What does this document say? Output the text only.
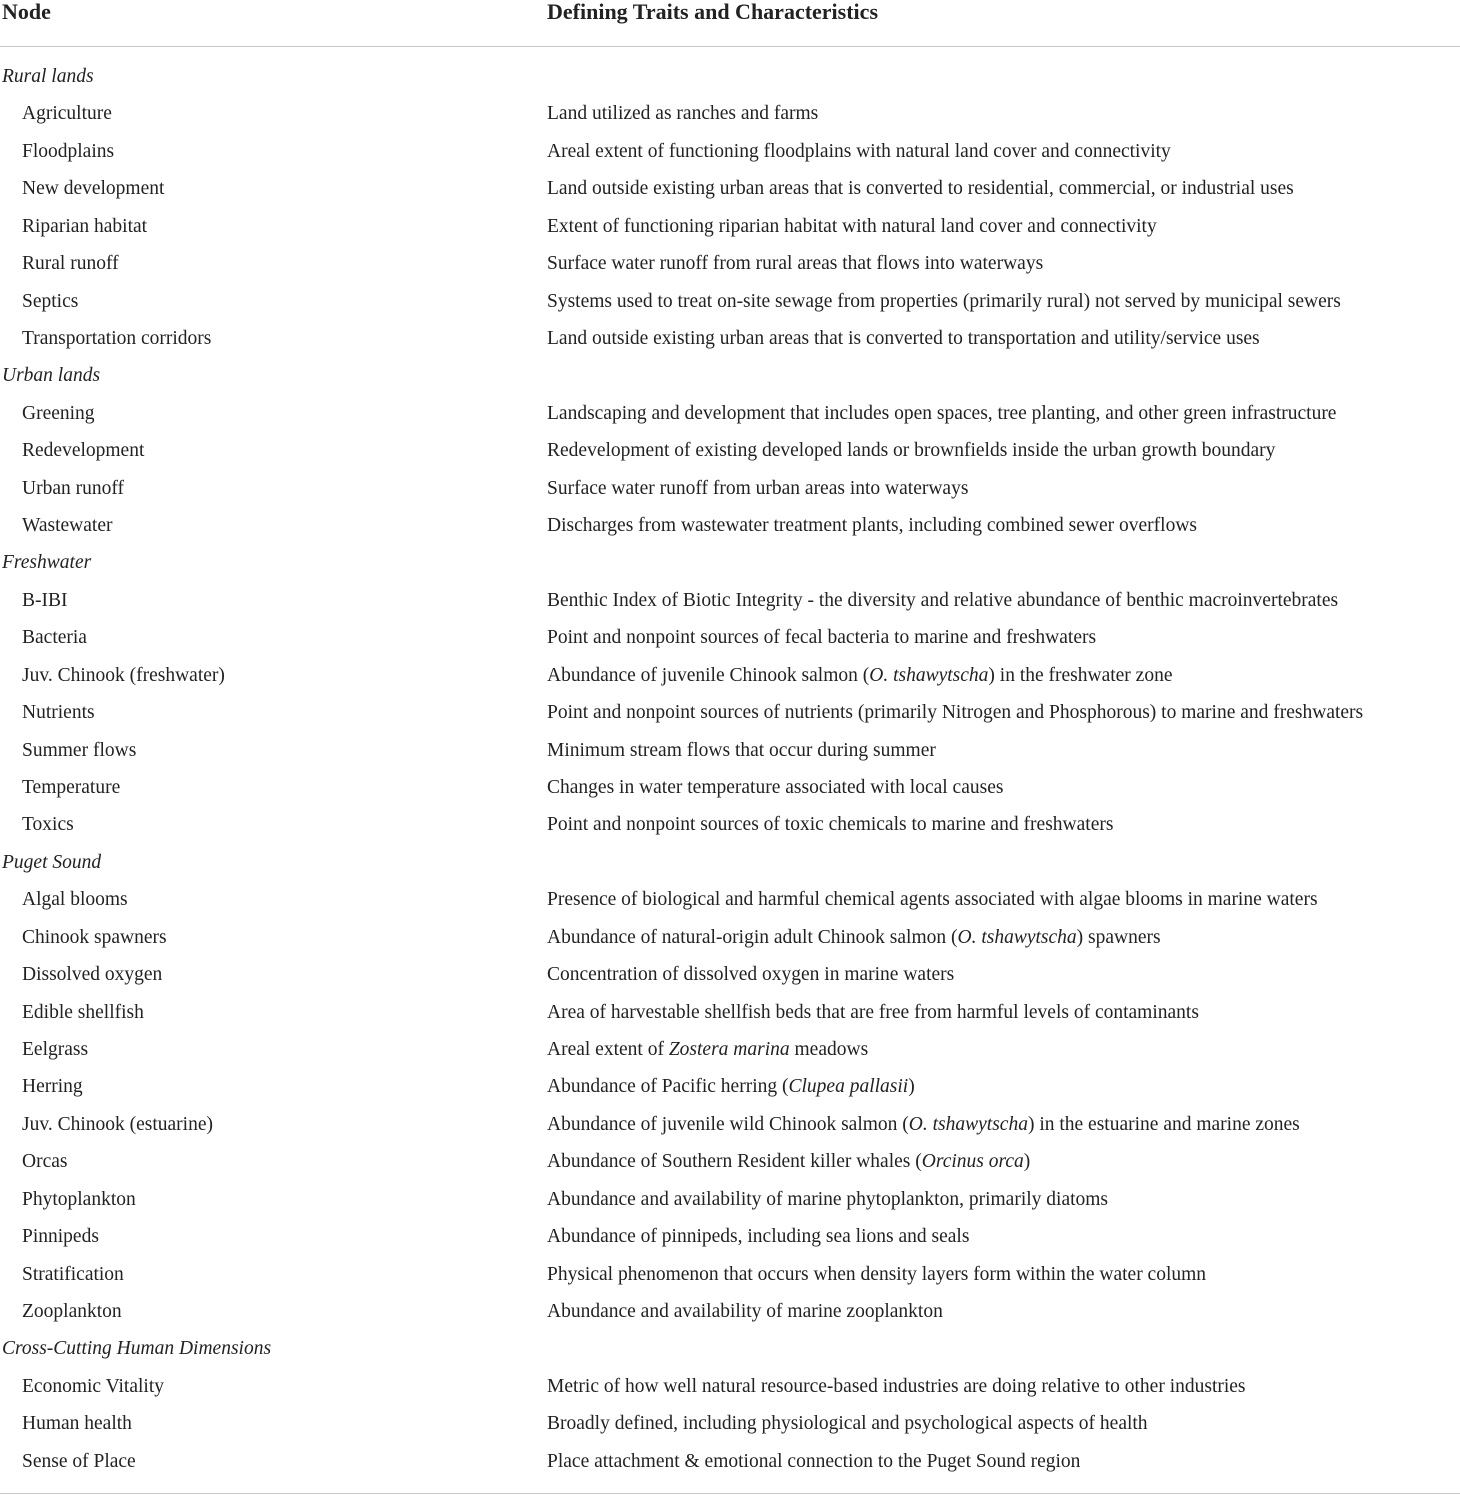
Node	Defining Traits and Characteristics
Rural lands
Agriculture	Land utilized as ranches and farms
Floodplains	Areal extent of functioning floodplains with natural land cover and connectivity
New development	Land outside existing urban areas that is converted to residential, commercial, or industrial uses
Riparian habitat	Extent of functioning riparian habitat with natural land cover and connectivity
Rural runoff	Surface water runoff from rural areas that flows into waterways
Septics	Systems used to treat on-site sewage from properties (primarily rural) not served by municipal sewers
Transportation corridors	Land outside existing urban areas that is converted to transportation and utility/service uses
Urban lands
Greening	Landscaping and development that includes open spaces, tree planting, and other green infrastructure
Redevelopment	Redevelopment of existing developed lands or brownfields inside the urban growth boundary
Urban runoff	Surface water runoff from urban areas into waterways
Wastewater	Discharges from wastewater treatment plants, including combined sewer overflows
Freshwater
B-IBI	Benthic Index of Biotic Integrity - the diversity and relative abundance of benthic macroinvertebrates
Bacteria	Point and nonpoint sources of fecal bacteria to marine and freshwaters
Juv. Chinook (freshwater)	Abundance of juvenile Chinook salmon (O. tshawytscha) in the freshwater zone
Nutrients	Point and nonpoint sources of nutrients (primarily Nitrogen and Phosphorous) to marine and freshwaters
Summer flows	Minimum stream flows that occur during summer
Temperature	Changes in water temperature associated with local causes
Toxics	Point and nonpoint sources of toxic chemicals to marine and freshwaters
Puget Sound
Algal blooms	Presence of biological and harmful chemical agents associated with algae blooms in marine waters
Chinook spawners	Abundance of natural-origin adult Chinook salmon (O. tshawytscha) spawners
Dissolved oxygen	Concentration of dissolved oxygen in marine waters
Edible shellfish	Area of harvestable shellfish beds that are free from harmful levels of contaminants
Eelgrass	Areal extent of Zostera marina meadows
Herring	Abundance of Pacific herring (Clupea pallasii)
Juv. Chinook (estuarine)	Abundance of juvenile wild Chinook salmon (O. tshawytscha) in the estuarine and marine zones
Orcas	Abundance of Southern Resident killer whales (Orcinus orca)
Phytoplankton	Abundance and availability of marine phytoplankton, primarily diatoms
Pinnipeds	Abundance of pinnipeds, including sea lions and seals
Stratification	Physical phenomenon that occurs when density layers form within the water column
Zooplankton	Abundance and availability of marine zooplankton
Cross-Cutting Human Dimensions
Economic Vitality	Metric of how well natural resource-based industries are doing relative to other industries
Human health	Broadly defined, including physiological and psychological aspects of health
Sense of Place	Place attachment & emotional connection to the Puget Sound region
